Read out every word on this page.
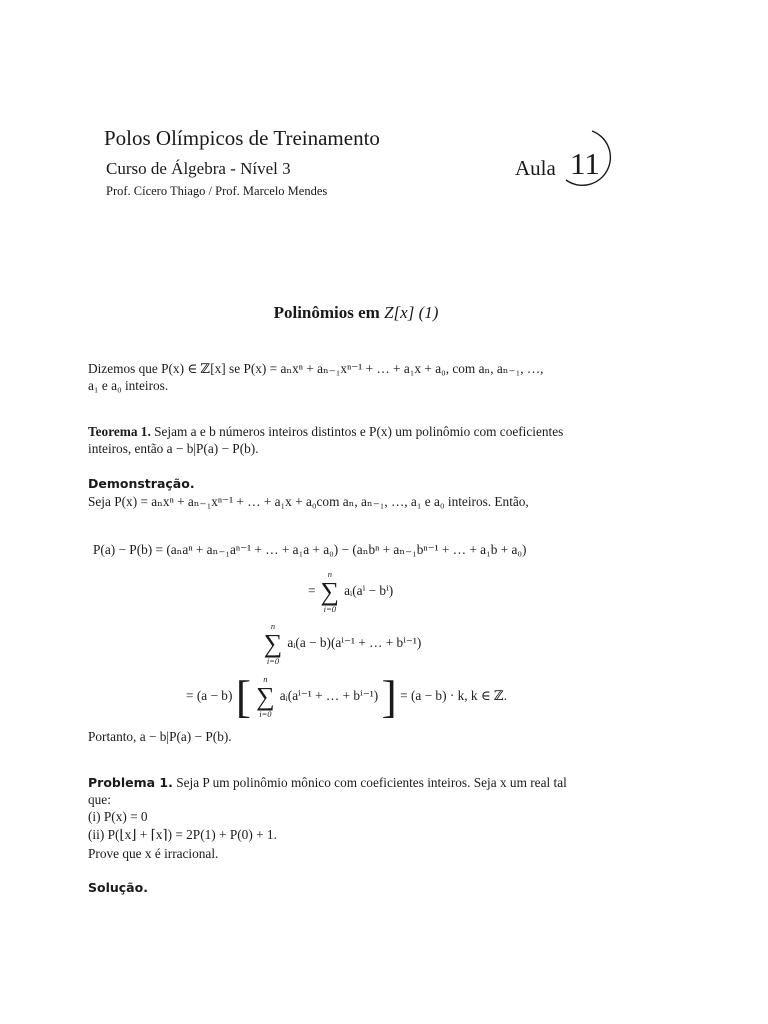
Polos Olímpicos de Treinamento
Curso de Álgebra - Nível 3
Prof. Cícero Thiago / Prof. Marcelo Mendes
Aula 11
Polinômios em Z[x] (1)
Dizemos que P(x) ∈ ℤ[x] se P(x) = aₙxⁿ + aₙ₋₁xⁿ⁻¹ + … + a₁x + a₀, com aₙ, aₙ₋₁, …,
a₁ e a₀ inteiros.
Teorema 1. Sejam a e b números inteiros distintos e P(x) um polinômio com coeficientes
inteiros, então a − b|P(a) − P(b).
Demonstração.
Seja P(x) = aₙxⁿ + aₙ₋₁xⁿ⁻¹ + … + a₁x + a₀com aₙ, aₙ₋₁, …, a₁ e a₀ inteiros. Então,
P(a) − P(b) = (aₙaⁿ + aₙ₋₁aⁿ⁻¹ + … + a₁a + a₀) − (aₙbⁿ + aₙ₋₁bⁿ⁻¹ + … + a₁b + a₀)
=
n
∑
i=0
aᵢ(aⁱ − bⁱ)
n
∑
i=0
aᵢ(a − b)(aⁱ⁻¹ + … + bⁱ⁻¹)
= (a − b) [	n
∑
i=0
aᵢ(aⁱ⁻¹ + … + bⁱ⁻¹) ] = (a − b) · k, k ∈ ℤ.
Portanto, a − b|P(a) − P(b).
Problema 1. Seja P um polinômio mônico com coeficientes inteiros. Seja x um real tal
que:
(i) P(x) = 0
(ii) P(⌊x⌋ + ⌈x⌉) = 2P(1) + P(0) + 1.
Prove que x é irracional.
Solução.
